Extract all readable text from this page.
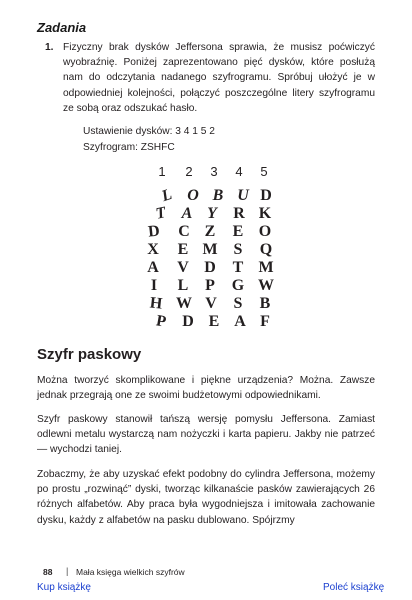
Zadania
1. Fizyczny brak dysków Jeffersona sprawia, że musisz poćwiczyć wyobraźnię. Poniżej zaprezentowano pięć dysków, które posłużą nam do odczytania nadanego szyfrogramu. Spróbuj ułożyć je w odpowiedniej kolejności, połączyć poszczególne litery szyfrogramu ze sobą oraz odszukać hasło.
Ustawienie dysków: 3 4 1 5 2
Szyfrogram: ZSHFC
1 2 3 4 5
L O B U D
T A Y R K
D C Z E O
X E M S Q
A V D T M
I	L P G W
H W V S B
P D E A F
Szyfr paskowy
Można tworzyć skomplikowane i piękne urządzenia? Można. Zawsze jednak przegrają one ze swoimi budżetowymi odpowiednikami.
Szyfr paskowy stanowił tańszą wersję pomysłu Jeffersona. Zamiast odlewni metalu wystarczą nam nożyczki i karta papieru. Jakby nie patrzeć — wychodzi taniej.
Zobaczmy, że aby uzyskać efekt podobny do cylindra Jeffersona, możemy po prostu „rozwinąć” dyski, tworząc kilkanaście pasków zawierających 26 różnych alfabetów. Aby praca była wygodniejsza i imitowała zachowanie dysku, każdy z alfabetów na pasku dublowano. Spójrzmy
88 | Mała księga wielkich szyfrów
Kup książkę	Poleć książkę
